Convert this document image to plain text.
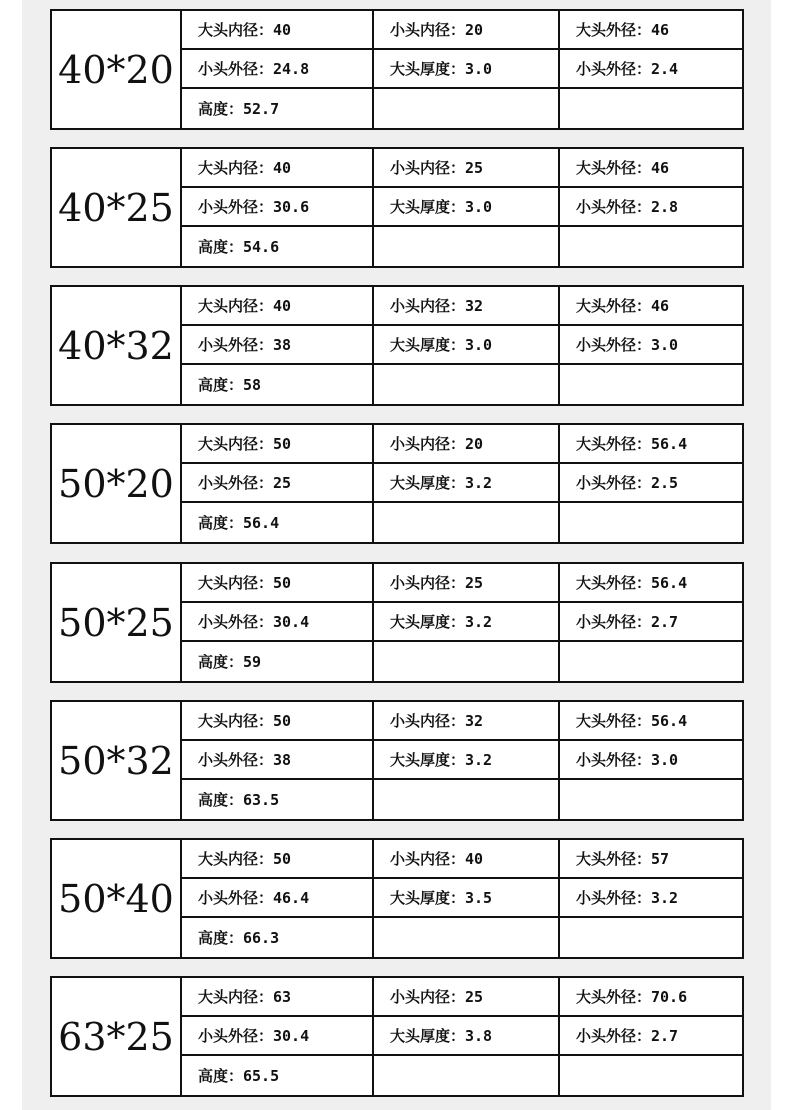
40*20
大头内径：40	小头内径：20	大头外径：46
小头外径：24.8	大头厚度：3.0	小头外径：2.4
高度：52.7
40*25
大头内径：40	小头内径：25	大头外径：46
小头外径：30.6	大头厚度：3.0	小头外径：2.8
高度：54.6
40*32
大头内径：40	小头内径：32	大头外径：46
小头外径：38	大头厚度：3.0	小头外径：3.0
高度：58
50*20
大头内径：50	小头内径：20	大头外径：56.4
小头外径：25	大头厚度：3.2	小头外径：2.5
高度：56.4
50*25
大头内径：50	小头内径：25	大头外径：56.4
小头外径：30.4	大头厚度：3.2	小头外径：2.7
高度：59
50*32
大头内径：50	小头内径：32	大头外径：56.4
小头外径：38	大头厚度：3.2	小头外径：3.0
高度：63.5
50*40
大头内径：50	小头内径：40	大头外径：57
小头外径：46.4	大头厚度：3.5	小头外径：3.2
高度：66.3
63*25
大头内径：63	小头内径：25	大头外径：70.6
小头外径：30.4	大头厚度：3.8	小头外径：2.7
高度：65.5
